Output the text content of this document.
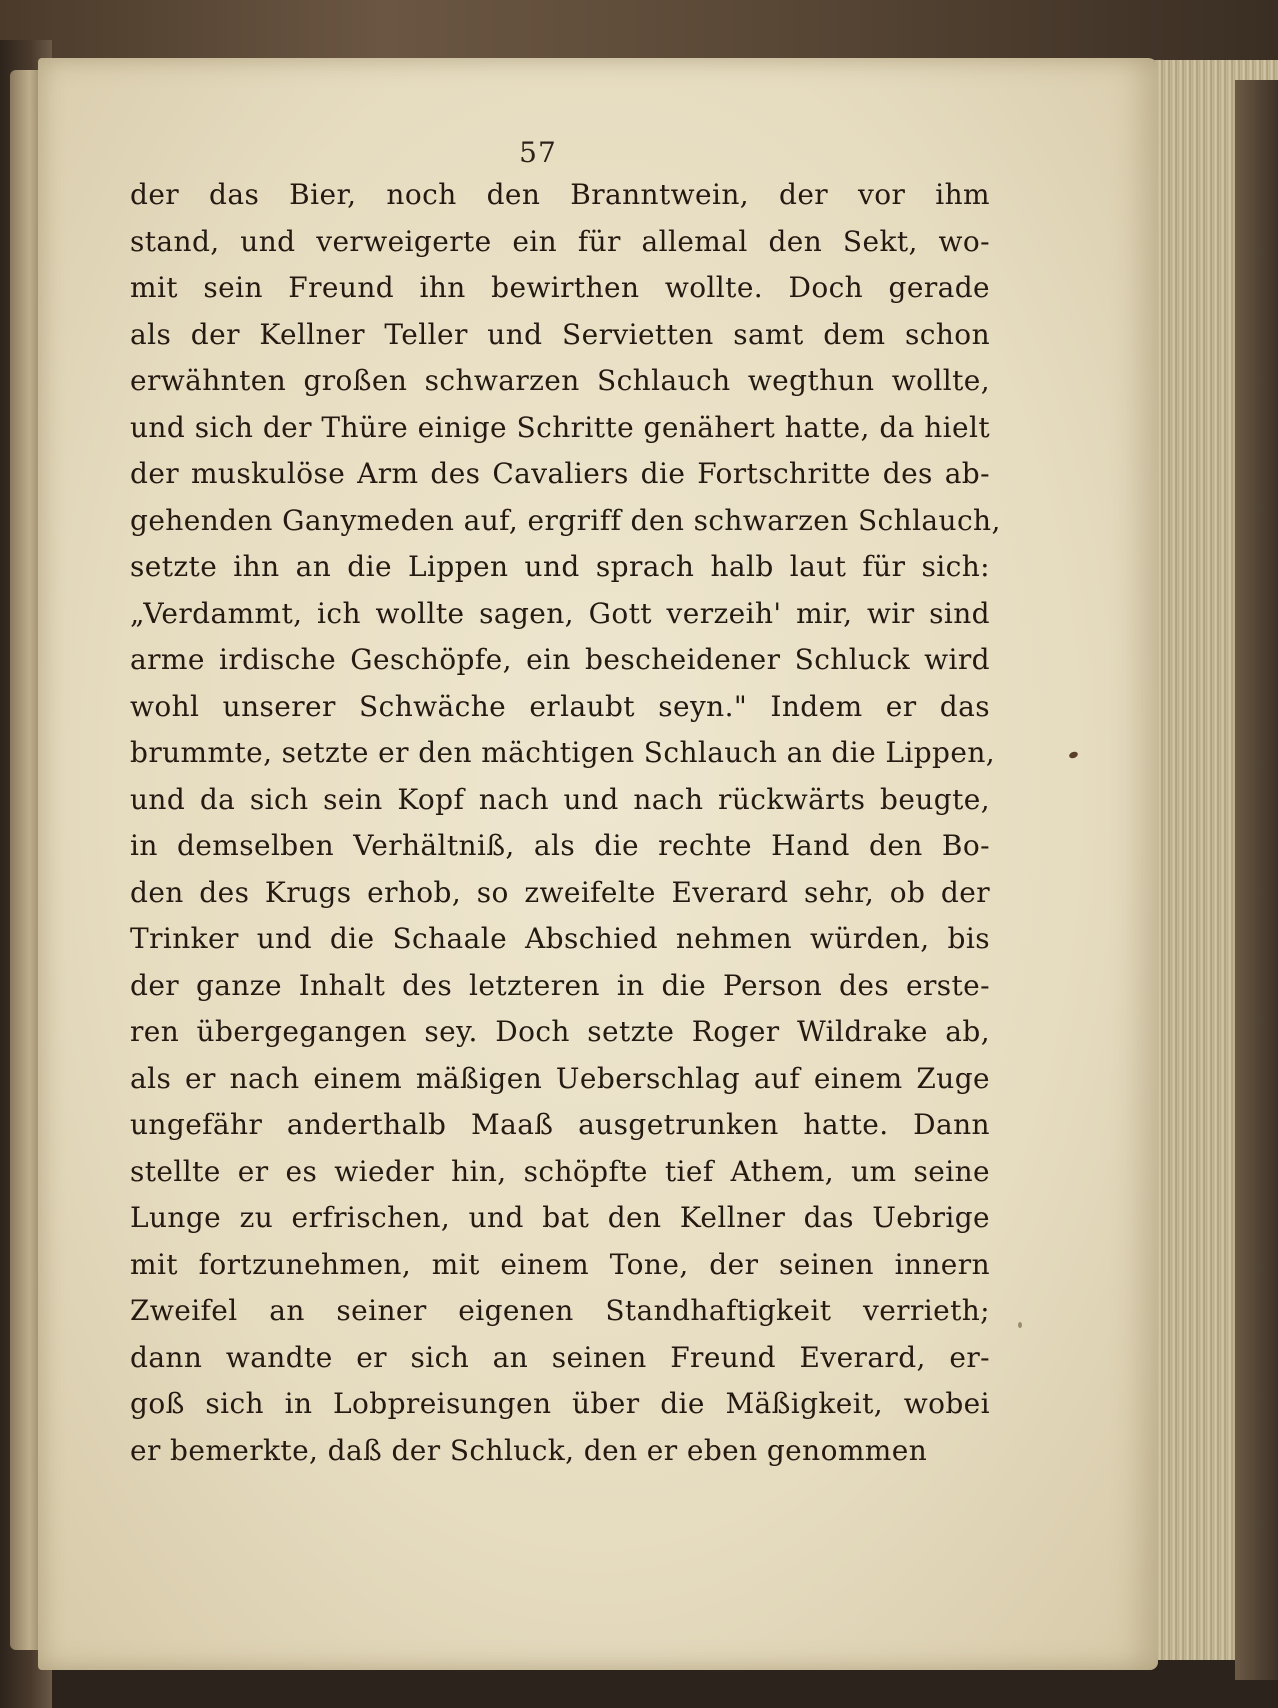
57
der das Bier, noch den Branntwein, der vor ihm
stand, und verweigerte ein für allemal den Sekt, wo-
mit sein Freund ihn bewirthen wollte. Doch gerade
als der Kellner Teller und Servietten samt dem schon
erwähnten großen schwarzen Schlauch wegthun wollte,
und sich der Thüre einige Schritte genähert hatte, da hielt
der muskulöse Arm des Cavaliers die Fortschritte des ab-
gehenden Ganymeden auf, ergriff den schwarzen Schlauch,
setzte ihn an die Lippen und sprach halb laut für sich:
„Verdammt, ich wollte sagen, Gott verzeih' mir, wir sind
arme irdische Geschöpfe, ein bescheidener Schluck wird
wohl unserer Schwäche erlaubt seyn." Indem er das
brummte, setzte er den mächtigen Schlauch an die Lippen,
und da sich sein Kopf nach und nach rückwärts beugte,
in demselben Verhältniß, als die rechte Hand den Bo-
den des Krugs erhob, so zweifelte Everard sehr, ob der
Trinker und die Schaale Abschied nehmen würden, bis
der ganze Inhalt des letzteren in die Person des erste-
ren übergegangen sey. Doch setzte Roger Wildrake ab,
als er nach einem mäßigen Ueberschlag auf einem Zuge
ungefähr anderthalb Maaß ausgetrunken hatte. Dann
stellte er es wieder hin, schöpfte tief Athem, um seine
Lunge zu erfrischen, und bat den Kellner das Uebrige
mit fortzunehmen, mit einem Tone, der seinen innern
Zweifel an seiner eigenen Standhaftigkeit verrieth;
dann wandte er sich an seinen Freund Everard, er-
goß sich in Lobpreisungen über die Mäßigkeit, wobei
er bemerkte, daß der Schluck, den er eben genommen
